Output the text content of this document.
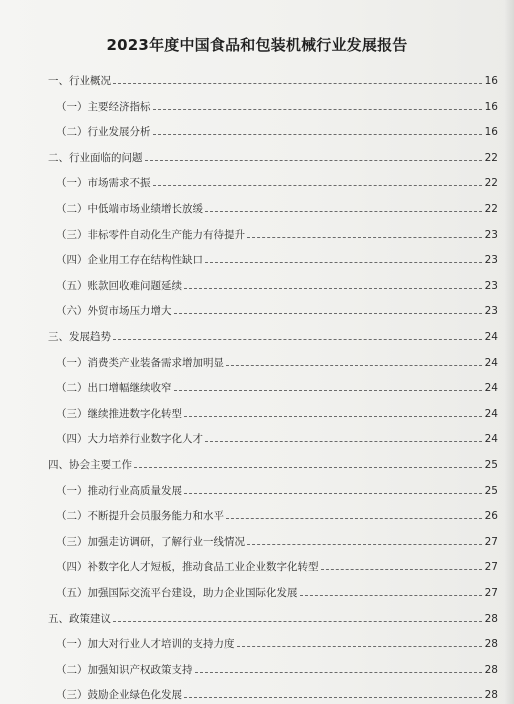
2023年度中国食品和包装机械行业发展报告
一、行业概况	16
（一）主要经济指标	16
（二）行业发展分析	16
二、行业面临的问题	22
（一）市场需求不振	22
（二）中低端市场业绩增长放缓	22
（三）非标零件自动化生产能力有待提升	23
（四）企业用工存在结构性缺口	23
（五）账款回收难问题延续	23
（六）外贸市场压力增大	23
三、发展趋势	24
（一）消费类产业装备需求增加明显	24
（二）出口增幅继续收窄	24
（三）继续推进数字化转型	24
（四）大力培养行业数字化人才	24
四、协会主要工作	25
（一）推动行业高质量发展	25
（二）不断提升会员服务能力和水平	26
（三）加强走访调研，了解行业一线情况	27
（四）补数字化人才短板，推动食品工业企业数字化转型	27
（五）加强国际交流平台建设，助力企业国际化发展	27
五、政策建议	28
（一）加大对行业人才培训的支持力度	28
（二）加强知识产权政策支持	28
（三）鼓励企业绿色化发展	28
